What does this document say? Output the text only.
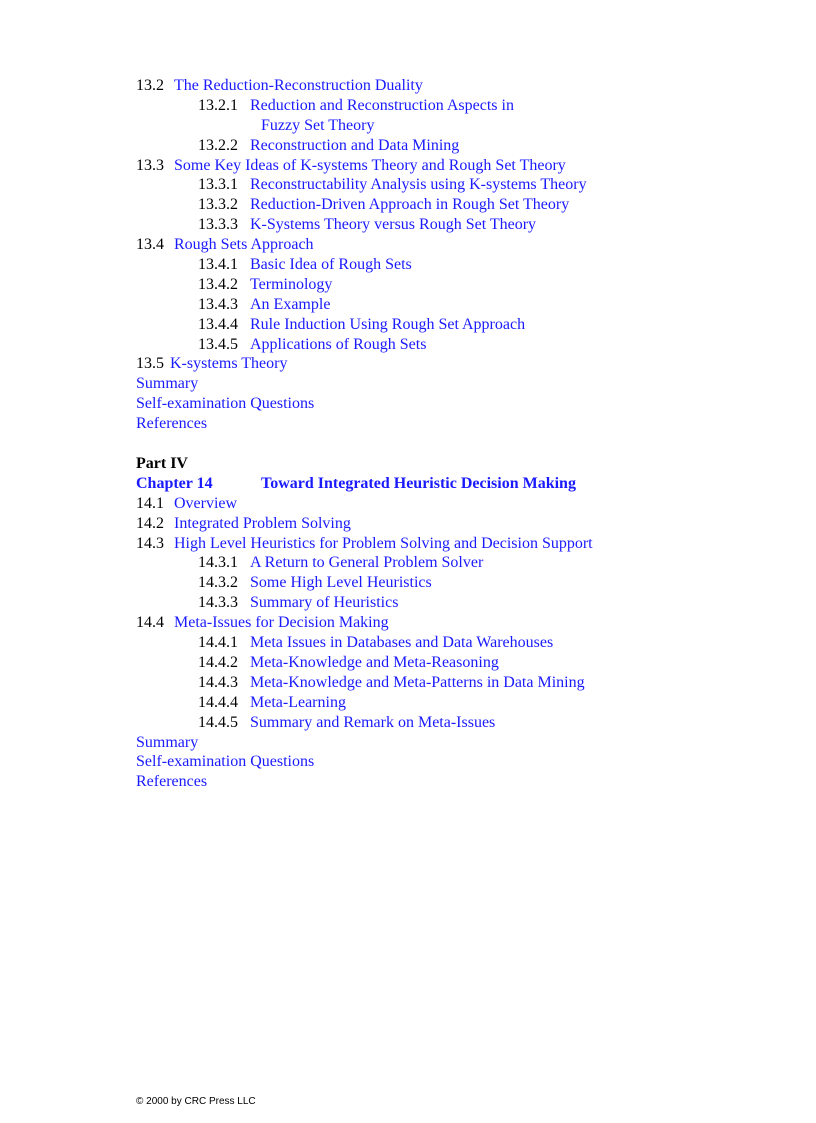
13.2 The Reduction-Reconstruction Duality
13.2.1 Reduction and Reconstruction Aspects in
Fuzzy Set Theory
13.2.2 Reconstruction and Data Mining
13.3 Some Key Ideas of K-systems Theory and Rough Set Theory
13.3.1 Reconstructability Analysis using K-systems Theory
13.3.2 Reduction-Driven Approach in Rough Set Theory
13.3.3 K-Systems Theory versus Rough Set Theory
13.4 Rough Sets Approach
13.4.1 Basic Idea of Rough Sets
13.4.2 Terminology
13.4.3 An Example
13.4.4 Rule Induction Using Rough Set Approach
13.4.5 Applications of Rough Sets
13.5 K-systems Theory
Summary
Self-examination Questions
References
Part IV
Chapter 14	Toward Integrated Heuristic Decision Making
14.1 Overview
14.2 Integrated Problem Solving
14.3 High Level Heuristics for Problem Solving and Decision Support
14.3.1 A Return to General Problem Solver
14.3.2 Some High Level Heuristics
14.3.3 Summary of Heuristics
14.4 Meta-Issues for Decision Making
14.4.1 Meta Issues in Databases and Data Warehouses
14.4.2 Meta-Knowledge and Meta-Reasoning
14.4.3 Meta-Knowledge and Meta-Patterns in Data Mining
14.4.4 Meta-Learning
14.4.5 Summary and Remark on Meta-Issues
Summary
Self-examination Questions
References
© 2000 by CRC Press LLC
